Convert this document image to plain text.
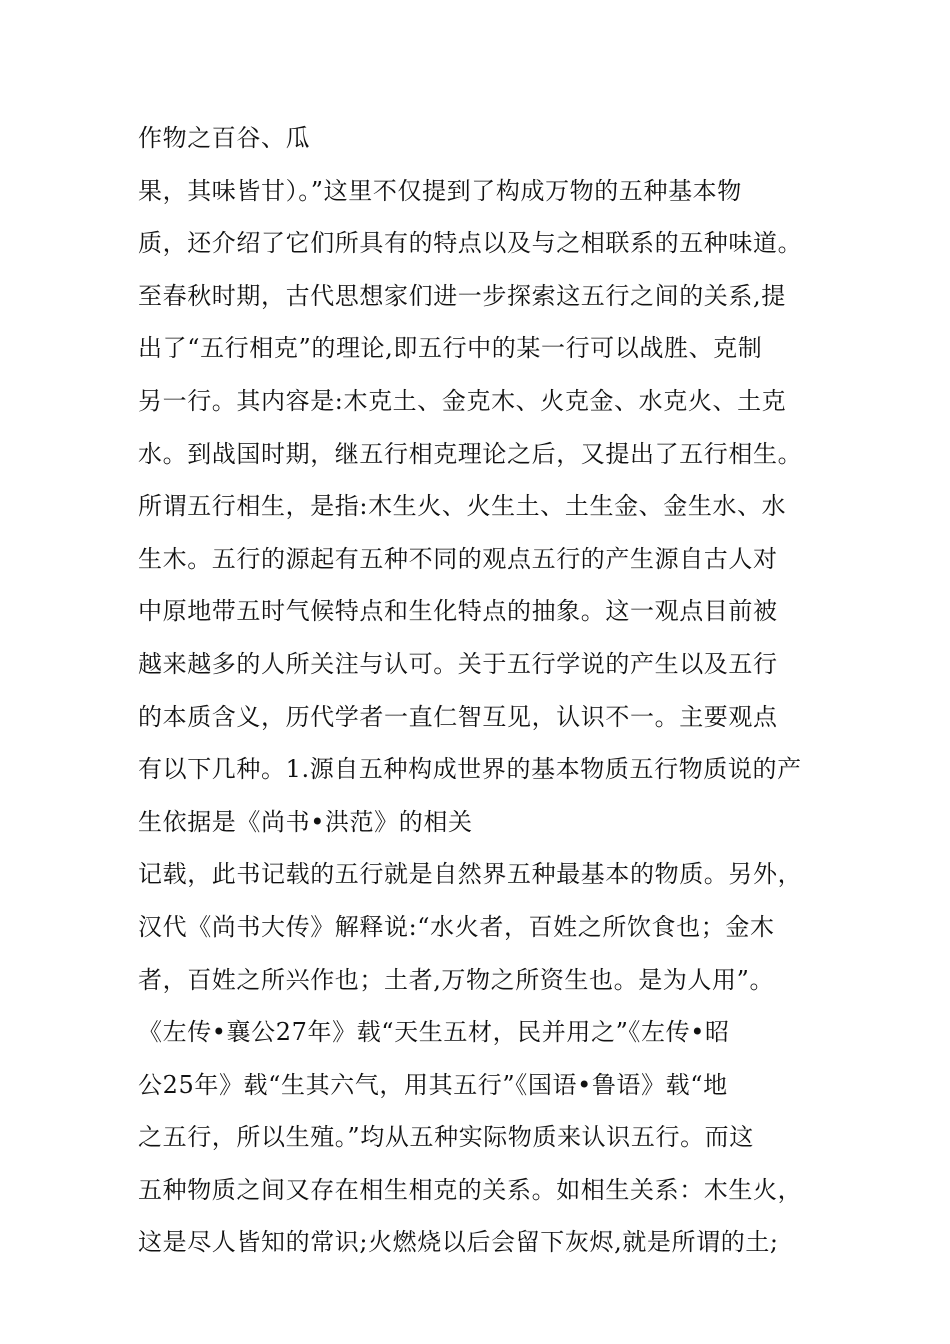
作物之百谷、瓜
果，其味皆甘）。”这里不仅提到了构成万物的五种基本物
质，还介绍了它们所具有的特点以及与之相联系的五种味道。
至春秋时期，古代思想家们进一步探索这五行之间的关系,提
出了“五行相克”的理论,即五行中的某一行可以战胜、克制
另一行。其内容是:木克土、金克木、火克金、水克火、土克
水。到战国时期，继五行相克理论之后，又提出了五行相生。
所谓五行相生，是指:木生火、火生土、土生金、金生水、水
生木。五行的源起有五种不同的观点五行的产生源自古人对
中原地带五时气候特点和生化特点的抽象。这一观点目前被
越来越多的人所关注与认可。关于五行学说的产生以及五行
的本质含义，历代学者一直仁智互见，认识不一。主要观点
有以下几种。1.源自五种构成世界的基本物质五行物质说的产
生依据是《尚书•洪范》的相关
记载，此书记载的五行就是自然界五种最基本的物质。另外，
汉代《尚书大传》解释说:“水火者，百姓之所饮食也；金木
者，百姓之所兴作也；土者,万物之所资生也。是为人用”。
《左传•襄公27年》载“天生五材，民并用之”《左传•昭
公25年》载“生其六气，用其五行”《国语•鲁语》载“地
之五行，所以生殖。”均从五种实际物质来认识五行。而这
五种物质之间又存在相生相克的关系。如相生关系：木生火，
这是尽人皆知的常识;火燃烧以后会留下灰烬,就是所谓的土;
